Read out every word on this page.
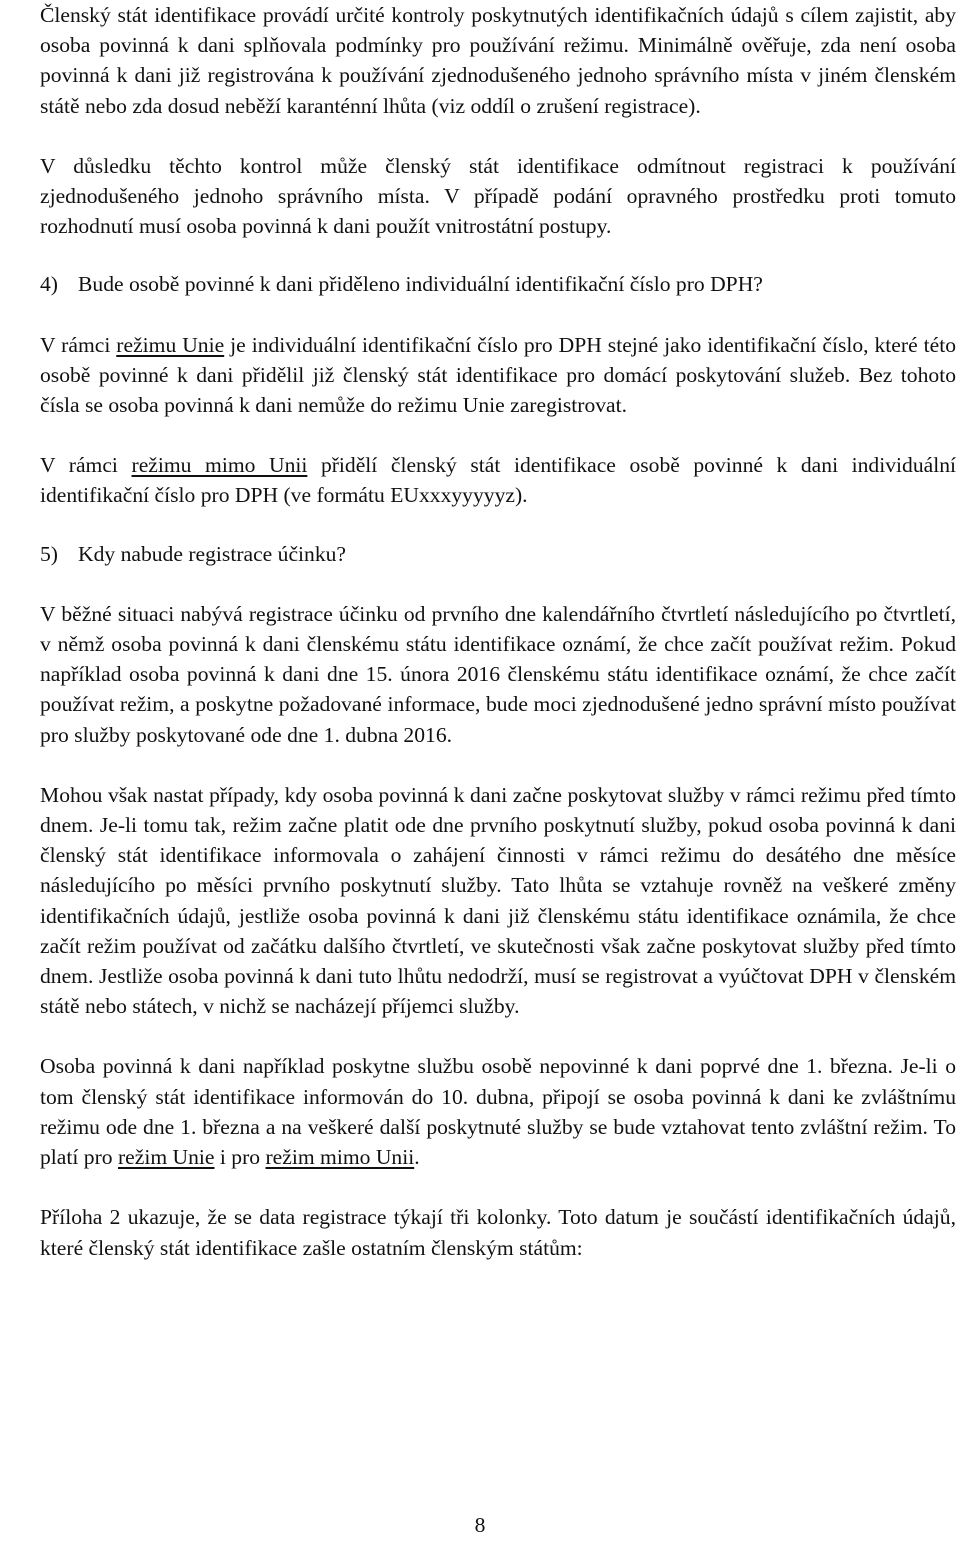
Členský stát identifikace provádí určité kontroly poskytnutých identifikačních údajů s cílem zajistit, aby osoba povinná k dani splňovala podmínky pro používání režimu. Minimálně ověřuje, zda není osoba povinná k dani již registrována k používání zjednodušeného jednoho správního místa v jiném členském státě nebo zda dosud neběží karanténní lhůta (viz oddíl o zrušení registrace).

V důsledku těchto kontrol může členský stát identifikace odmítnout registraci k používání zjednodušeného jednoho správního místa. V případě podání opravného prostředku proti tomuto rozhodnutí musí osoba povinná k dani použít vnitrostátní postupy.

4) Bude osobě povinné k dani přiděleno individuální identifikační číslo pro DPH?

V rámci režimu Unie je individuální identifikační číslo pro DPH stejné jako identifikační číslo, které této osobě povinné k dani přidělil již členský stát identifikace pro domácí poskytování služeb. Bez tohoto čísla se osoba povinná k dani nemůže do režimu Unie zaregistrovat.

V rámci režimu mimo Unii přidělí členský stát identifikace osobě povinné k dani individuální identifikační číslo pro DPH (ve formátu EUxxxyyyyyz).

5) Kdy nabude registrace účinku?

V běžné situaci nabývá registrace účinku od prvního dne kalendářního čtvrtletí následujícího po čtvrtletí, v němž osoba povinná k dani členskému státu identifikace oznámí, že chce začít používat režim. Pokud například osoba povinná k dani dne 15. února 2016 členskému státu identifikace oznámí, že chce začít používat režim, a poskytne požadované informace, bude moci zjednodušené jedno správní místo používat pro služby poskytované ode dne 1. dubna 2016.

Mohou však nastat případy, kdy osoba povinná k dani začne poskytovat služby v rámci režimu před tímto dnem. Je-li tomu tak, režim začne platit ode dne prvního poskytnutí služby, pokud osoba povinná k dani členský stát identifikace informovala o zahájení činnosti v rámci režimu do desátého dne měsíce následujícího po měsíci prvního poskytnutí služby. Tato lhůta se vztahuje rovněž na veškeré změny identifikačních údajů, jestliže osoba povinná k dani již členskému státu identifikace oznámila, že chce začít režim používat od začátku dalšího čtvrtletí, ve skutečnosti však začne poskytovat služby před tímto dnem. Jestliže osoba povinná k dani tuto lhůtu nedodrží, musí se registrovat a vyúčtovat DPH v členském státě nebo státech, v nichž se nacházejí příjemci služby.

Osoba povinná k dani například poskytne službu osobě nepovinné k dani poprvé dne 1. března. Je-li o tom členský stát identifikace informován do 10. dubna, připojí se osoba povinná k dani ke zvláštnímu režimu ode dne 1. března a na veškeré další poskytnuté služby se bude vztahovat tento zvláštní režim. To platí pro režim Unie i pro režim mimo Unii.

Příloha 2 ukazuje, že se data registrace týkají tři kolonky. Toto datum je součástí identifikačních údajů, které členský stát identifikace zašle ostatním členským státům:

8
